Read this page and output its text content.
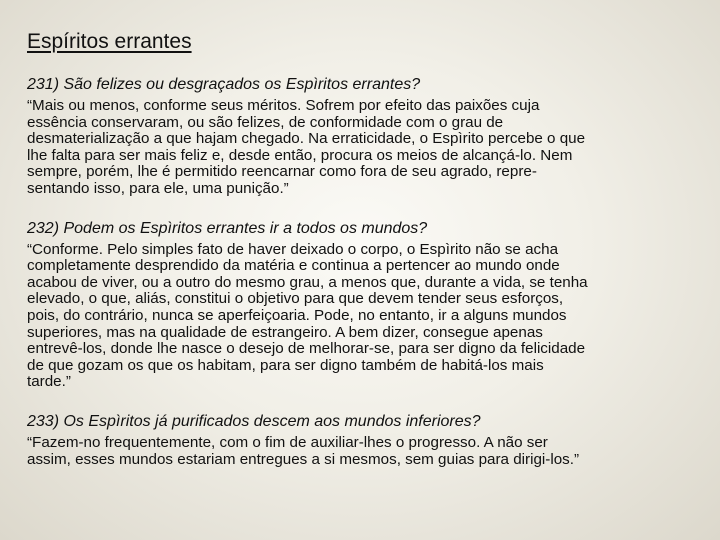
Espíritos errantes

231) São felizes ou desgraçados os Espìritos errantes?

“Mais ou menos, conforme seus méritos. Sofrem por efeito das paixões cuja
essência conservaram, ou são felizes, de conformidade com o grau de
desmaterialização a que hajam chegado. Na erraticidade, o Espìrito percebe o que
lhe falta para ser mais feliz e, desde então, procura os meios de alcançá-lo. Nem
sempre, porém, lhe é permitido reencarnar como fora de seu agrado, repre-
sentando isso, para ele, uma punição.”

232) Podem os Espìritos errantes ir a todos os mundos?

“Conforme. Pelo simples fato de haver deixado o corpo, o Espìrito não se acha
completamente desprendido da matéria e continua a pertencer ao mundo onde
acabou de viver, ou a outro do mesmo grau, a menos que, durante a vida, se tenha
elevado, o que, aliás, constitui o objetivo para que devem tender seus esforços,
pois, do contrário, nunca se aperfeiçoaria. Pode, no entanto, ir a alguns mundos
superiores, mas na qualidade de estrangeiro. A bem dizer, consegue apenas
entrevê-los, donde lhe nasce o desejo de melhorar-se, para ser digno da felicidade
de que gozam os que os habitam, para ser digno também de habitá-los mais
tarde.”

233) Os Espìritos já purificados descem aos mundos inferiores?

“Fazem-no frequentemente, com o fim de auxiliar-lhes o progresso. A não ser
assim, esses mundos estariam entregues a si mesmos, sem guias para dirigi-los.”
